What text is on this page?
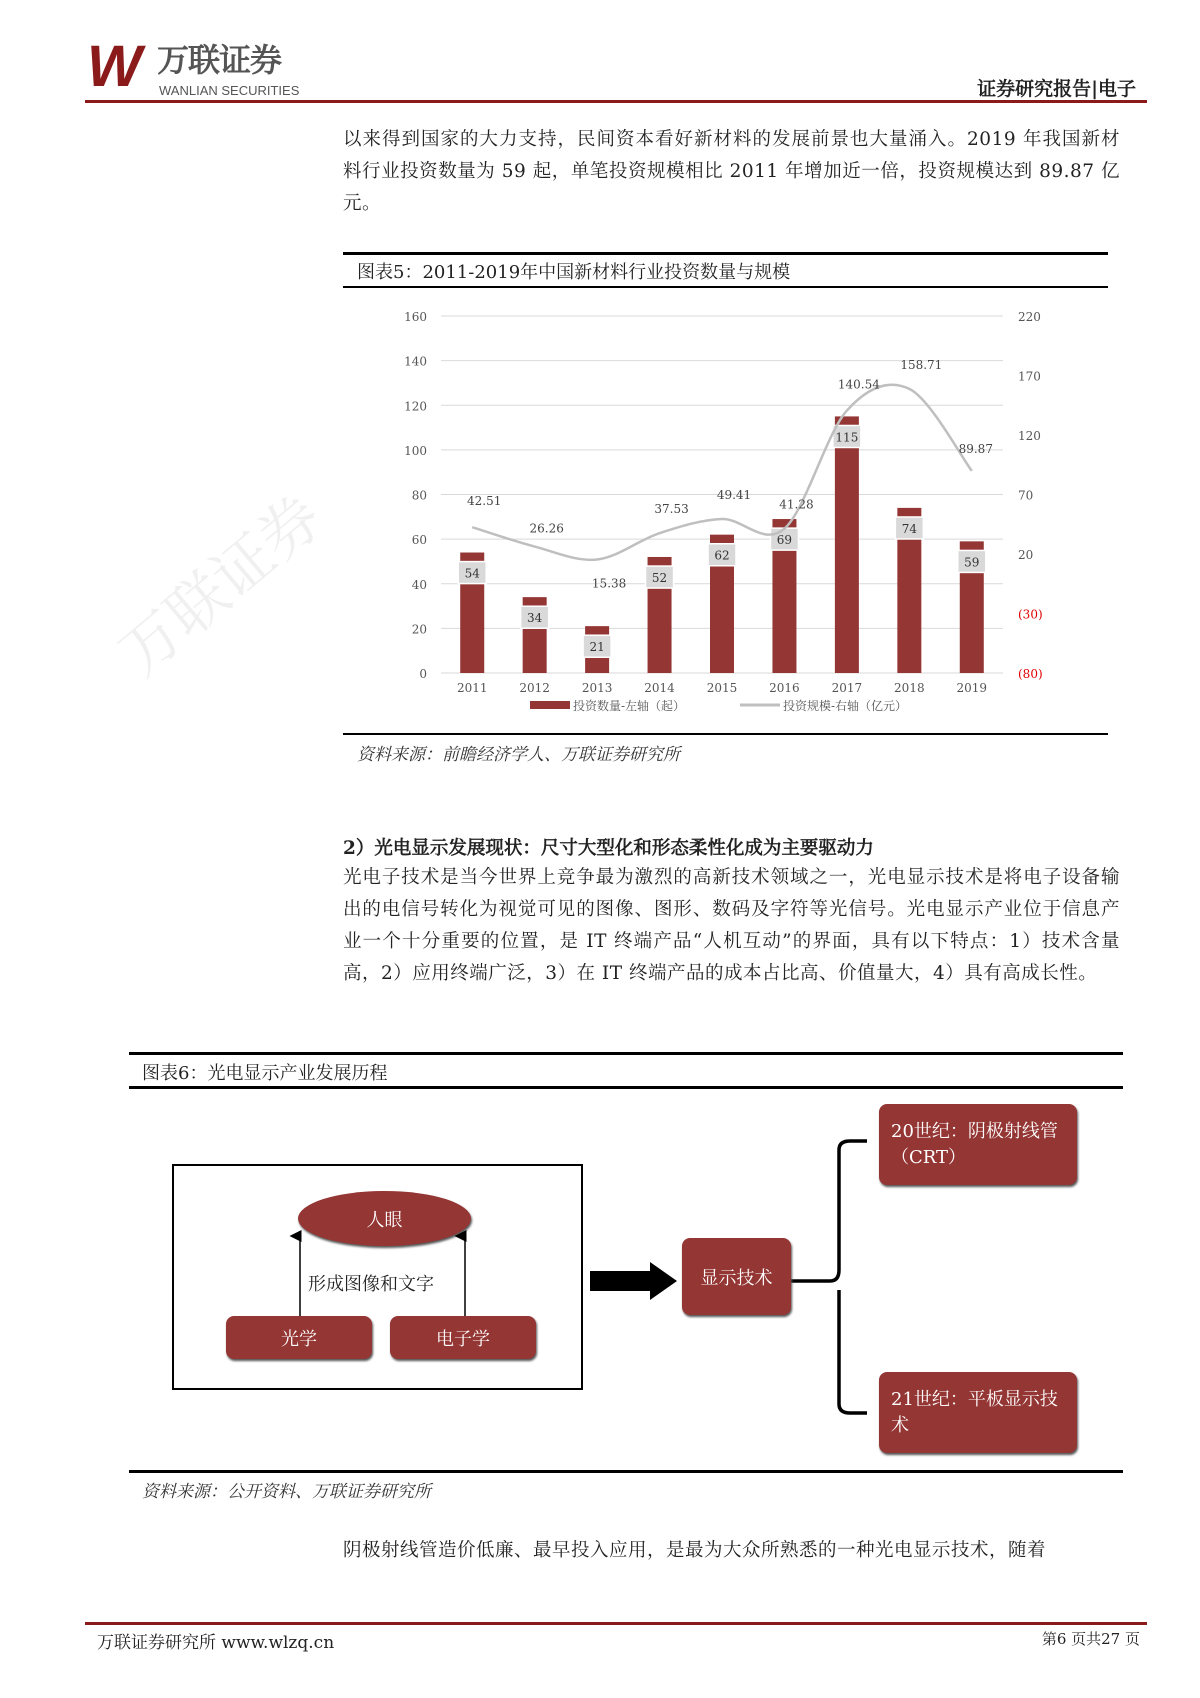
W 万联证券
WANLIAN SECURITIES	证券研究报告|电子
以来得到国家的大力支持，民间资本看好新材料的发展前景也大量涌入。2019 年我国新材料行业投资数量为 59 起，单笔投资规模相比 2011 年增加近一倍，投资规模达到 89.87 亿元。
图表5：2011-2019年中国新材料行业投资数量与规模
0
20
40
60
80
100
120
140
160
(80)
(30)
20
70
120
170
220
54
2011
34
2012
21
2013
52
2014
62
2015
69
2016
115
2017
74
2018
59
2019
42.51
26.26
15.38
37.53
49.41
41.28
140.54
158.71
89.87
投资数量-左轴（起）	投资规模-右轴（亿元）
资料来源：前瞻经济学人、万联证券研究所
万联证券
2）光电显示发展现状：尺寸大型化和形态柔性化成为主要驱动力
光电子技术是当今世界上竞争最为激烈的高新技术领域之一，光电显示技术是将电子设备输出的电信号转化为视觉可见的图像、图形、数码及字符等光信号。光电显示产业位于信息产业一个十分重要的位置，是 IT 终端产品“人机互动”的界面，具有以下特点：1）技术含量高，2）应用终端广泛，3）在 IT 终端产品的成本占比高、价值量大，4）具有高成长性。
图表6：光电显示产业发展历程
人眼
形成图像和文字
光学	电子学
显示技术
20世纪：阴极射线管（CRT）
21世纪：平板显示技术
资料来源：公开资料、万联证券研究所
阴极射线管造价低廉、最早投入应用，是最为大众所熟悉的一种光电显示技术，随着
万联证券研究所 www.wlzq.cn	第6 页共27 页
